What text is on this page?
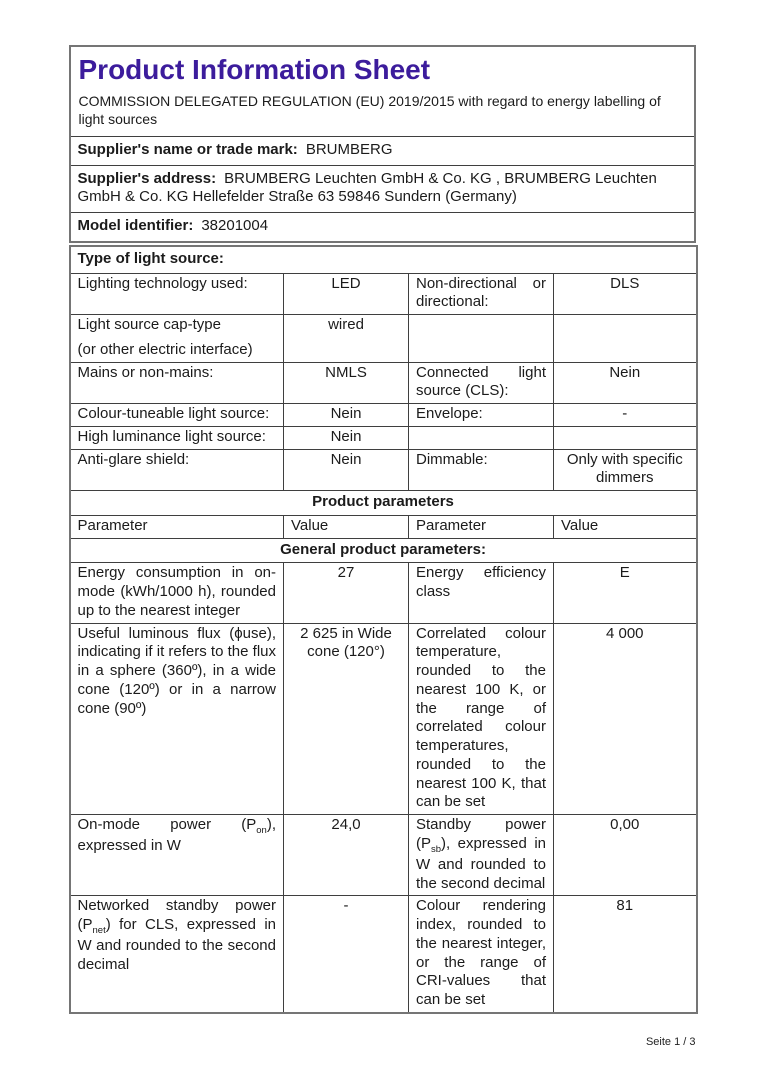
Product Information Sheet
COMMISSION DELEGATED REGULATION (EU) 2019/2015 with regard to energy labelling of light sources

Supplier's name or trade mark: BRUMBERG
Supplier's address: BRUMBERG Leuchten GmbH & Co. KG , BRUMBERG Leuchten GmbH & Co. KG Hellefelder Straße 63 59846 Sundern (Germany)
Model identifier: 38201004
Type of light source:			
Lighting technology used:	LED	Non-directional or directional:	DLS

Light source cap-type
(or other electric interface)	wired		
Mains or non-mains:	NMLS	Connected light source (CLS):	Nein
Colour-tuneable light source:	Nein	Envelope:	-
High luminance light source:	Nein		
Anti-glare shield:	Nein	Dimmable:	Only with specific dimmers
Product parameters			
Parameter	Value	Parameter	Value
General product parameters:			
Energy consumption in on-mode (kWh/1000 h), rounded up to the nearest integer	27	Energy efficiency class	E
Useful luminous flux (ϕuse), indicating if it refers to the flux in a sphere (360º), in a wide cone (120º) or in a narrow cone (90º)	2 625 in Wide cone (120°)	Correlated colour temperature, rounded to the nearest 100 K, or the range of correlated colour temperatures, rounded to the nearest 100 K, that can be set	4 000
On-mode power $(P_{on})$, expressed in W	24,0	Standby power $(P_{sb})$, expressed in W and rounded to the second decimal	0,00
Networked standby power $(P_{net})$ for CLS, expressed in W and rounded to the second decimal	-	Colour rendering index, rounded to the nearest integer, or the range of CRI-values that can be set	81
Seite 1 / 3
